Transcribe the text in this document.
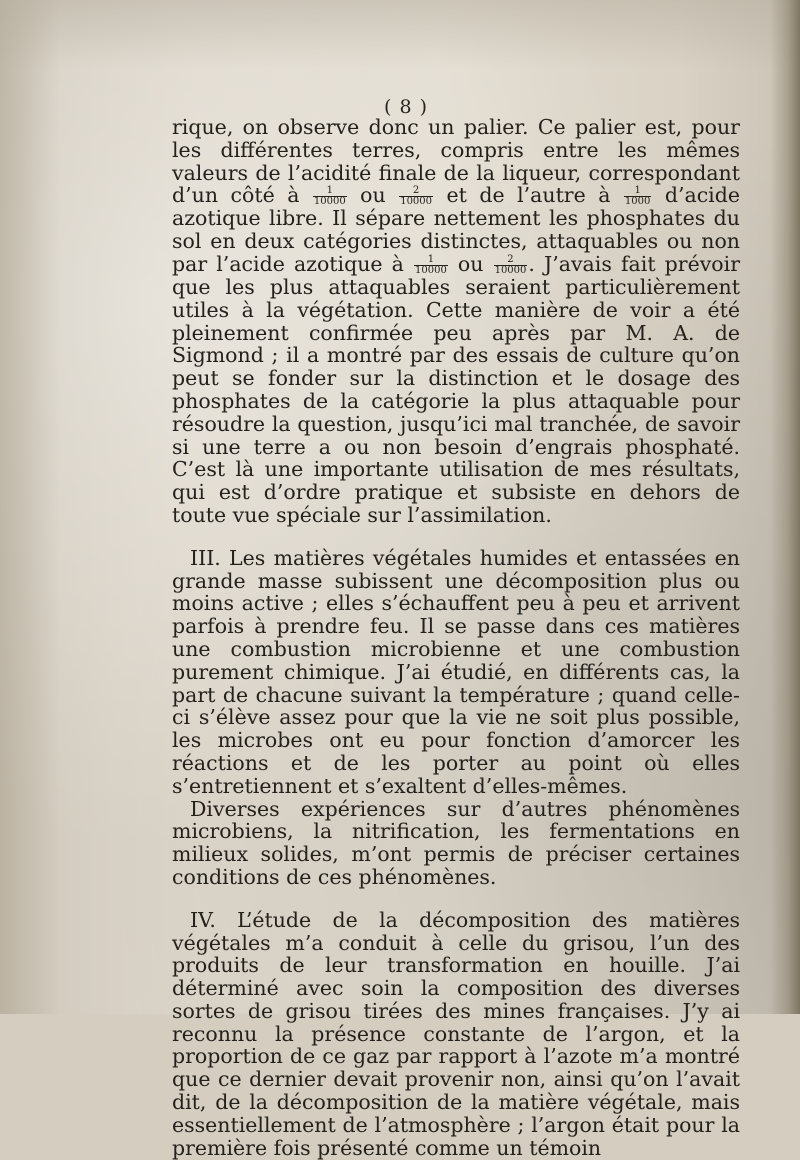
( 8 )

rique, on observe donc un palier. Ce palier est, pour les différentes terres, compris entre les mêmes valeurs de l’acidité finale de la liqueur, correspondant d’un côté à $\frac{1}{10000}$ ou $\frac{2}{10000}$ et de l’autre à $\frac{1}{1000}$ d’acide azotique libre. Il sépare nettement les phosphates du sol en deux catégories distinctes, attaquables ou non par l’acide azotique à $\frac{1}{10000}$ ou $\frac{2}{10000}$ . J’avais fait prévoir que les plus attaquables seraient particulièrement utiles à la végétation. Cette manière de voir a été pleinement confirmée peu après par M. A. de Sigmond ; il a montré par des essais de culture qu’on peut se fonder sur la distinction et le dosage des phosphates de la catégorie la plus attaquable pour résoudre la question, jusqu’ici mal tranchée, de savoir si une terre a ou non besoin d’engrais phosphaté. C’est là une importante utilisation de mes résultats, qui est d’ordre pratique et subsiste en dehors de toute vue spéciale sur l’assimilation.

III. Les matières végétales humides et entassées en grande masse subissent une décomposition plus ou moins active ; elles s’échauffent peu à peu et arrivent parfois à prendre feu. Il se passe dans ces matières une combustion microbienne et une combustion purement chimique. J’ai étudié, en différents cas, la part de chacune suivant la température ; quand celle-ci s’élève assez pour que la vie ne soit plus possible, les microbes ont eu pour fonction d’amorcer les réactions et de les porter au point où elles s’entretiennent et s’exaltent d’elles-mêmes.

Diverses expériences sur d’autres phénomènes microbiens, la nitrification, les fermentations en milieux solides, m’ont permis de préciser certaines conditions de ces phénomènes.

IV. L’étude de la décomposition des matières végétales m’a conduit à celle du grisou, l’un des produits de leur transformation en houille. J’ai déterminé avec soin la composition des diverses sortes de grisou tirées des mines françaises. J’y ai reconnu la présence constante de l’argon, et la proportion de ce gaz par rapport à l’azote m’a montré que ce dernier devait provenir non, ainsi qu’on l’avait dit, de la décomposition de la matière végétale, mais essentiellement de l’atmosphère ; l’argon était pour la première fois présenté comme un témoin
